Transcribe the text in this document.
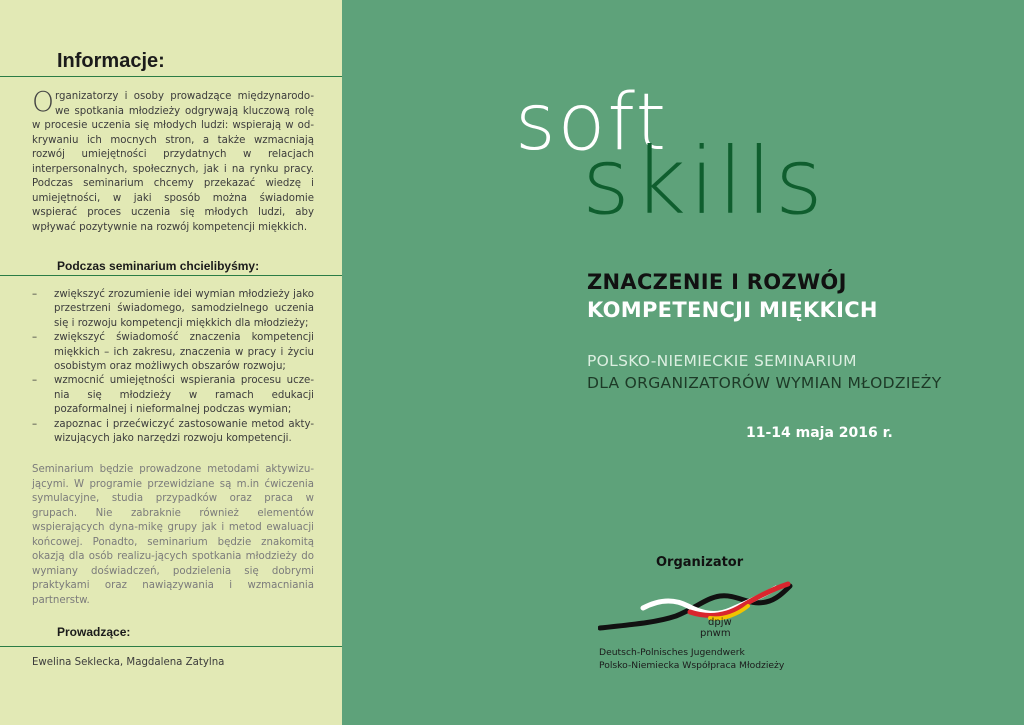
Informacje:
Organizatorzy i osoby prowadzące międzynarodo-we spotkania młodzieży odgrywają kluczową rolę w procesie uczenia się młodych ludzi: wspierają w od-krywaniu ich mocnych stron, a także wzmacniają rozwój umiejętności przydatnych w relacjach interpersonalnych, społecznych, jak i na rynku pracy. Podczas seminarium chcemy przekazać wiedzę i umiejętności, w jaki sposób można świadomie wspierać proces uczenia się młodych ludzi, aby wpływać pozytywnie na rozwój kompetencji miękkich.
Podczas seminarium chcielibyśmy:
– zwiększyć zrozumienie idei wymian młodzieży jako przestrzeni świadomego, samodzielnego uczenia się i rozwoju kompetencji miękkich dla młodzieży;
– zwiększyć świadomość znaczenia kompetencji miękkich – ich zakresu, znaczenia w pracy i życiu osobistym oraz możliwych obszarów rozwoju;
– wzmocnić umiejętności wspierania procesu ucze-nia się młodzieży w ramach edukacji pozaformalnej i nieformalnej podczas wymian;
– zapoznac i przećwiczyć zastosowanie metod akty-wizujących jako narzędzi rozwoju kompetencji.
Seminarium będzie prowadzone metodami aktywizu-jącymi. W programie przewidziane są m.in ćwiczenia symulacyjne, studia przypadków oraz praca w grupach. Nie zabraknie również elementów wspierających dyna-mikę grupy jak i metod ewaluacji końcowej. Ponadto, seminarium będzie znakomitą okazją dla osób realizu-jących spotkania młodzieży do wymiany doświadczeń, podzielenia się dobrymi praktykami oraz nawiązywania i wzmacniania partnerstw.
Prowadzące:
Ewelina Seklecka, Magdalena Zatylna
soft
skills
ZNACZENIE I ROZWÓJ
KOMPETENCJI MIĘKKICH
POLSKO-NIEMIECKIE SEMINARIUM
DLA ORGANIZATORÓW WYMIAN MŁODZIEŻY
11-14 maja 2016 r.
Organizator
dpjw
pnwm
Deutsch-Polnisches Jugendwerk
Polsko-Niemiecka Współpraca Młodzieży
